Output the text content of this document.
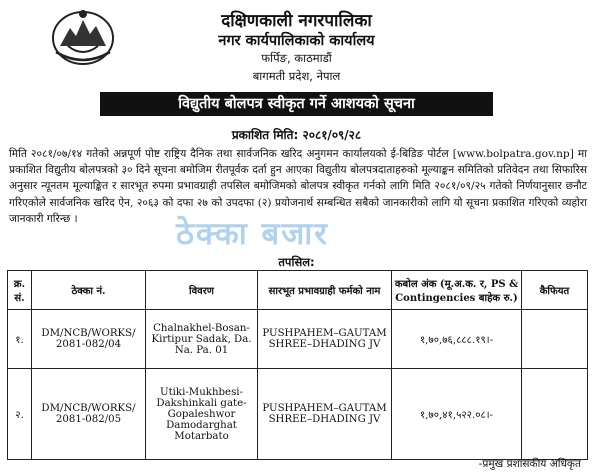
दक्षिणकाली नगरपालिका
नगर कार्यपालिकाको कार्यालय
फर्पिङ, काठमाडौं
बागमती प्रदेश, नेपाल
विद्युतीय बोलपत्र स्वीकृत गर्ने आशयको सूचना
प्रकाशित मिति: २०८१/०९/२८

मिति २०८१/०७/१४ गतेको अन्नपूर्ण पोष्ट राष्ट्रिय दैनिक तथा सार्वजनिक खरिद अनुगमन कार्यालयको ई-बिडिङ पोर्टल [www.bolpatra.gov.np] मा प्रकाशित विद्युतीय बोलपत्रको ३० दिने सूचना बमोजिम रीतपूर्वक दर्ता हुन आएका विद्युतीय बोलपत्रदाताहरुको मूल्याङ्कन समितिको प्रतिवेदन तथा सिफारिस अनुसार न्यूनतम मूल्याङ्कित र सारभूत रुपमा प्रभावग्राही तपसिल बमोजिमको बोलपत्र स्वीकृत गर्नको लागि मिति २०८१/०९/२५ गतेको निर्णयानुसार छनौट गरिएकोले सार्वजनिक खरिद ऐन, २०६३ को दफा २७ को उपदफा (२) प्रयोजनार्थ सम्बन्धित सबैको जानकारीको लागि यो सूचना प्रकाशित गरिएको व्यहोरा जानकारी गरिन्छ ।	ठेक्का बजार
तपसिल:
क्र. सं.	ठेक्का नं.	विवरण	सारभूत प्रभावग्राही फर्मको नाम	कबोल अंक (मू.अ.क. र, PS & Contingencies बाहेक रु.)	कैफियत
१.	DM/NCB/WORKS/ 2081-082/04	Chalnakhel-Bosan-Kirtipur Sadak, Da. Na. Pa. 01	PUSHPAHEM–GAUTAM SHREE–DHADING JV	१,७०,७६,८८८.१९।-	
२.	DM/NCB/WORKS/ 2081-082/05	Utiki-Mukhbesi-Dakshinkali gate-Gopaleshwor Damodarghat Motarbato	PUSHPAHEM–GAUTAM SHREE–DHADING JV	१,७०,४१,५२२.०८।-	
-प्रमुख प्रशासकीय अधिकृत
